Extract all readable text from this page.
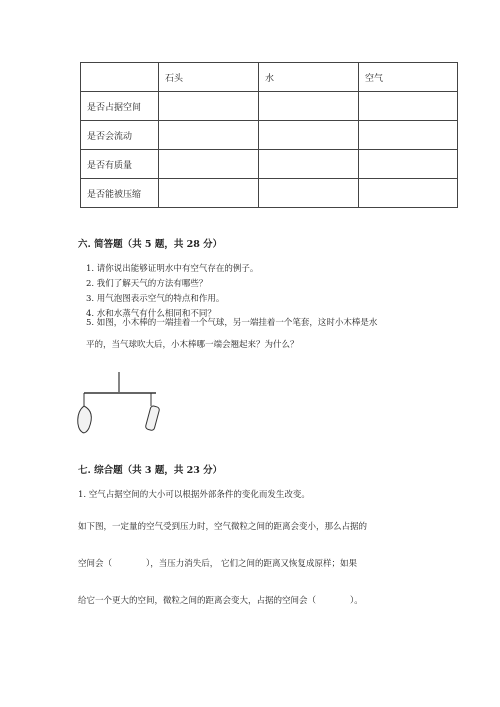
	石头	水	空气
是否占据空间			
是否会流动			
是否有质量			
是否能被压缩			
六. 简答题（共 5 题，共 28 分）
1. 请你说出能够证明水中有空气存在的例子。
2. 我们了解天气的方法有哪些？
3. 用气泡图表示空气的特点和作用。
4. 水和水蒸气有什么相同和不同？
5. 如图，小木棒的一端挂着一个气球，另一端挂着一个笔套，这时小木棒是水
平的，当气球吹大后，小木棒哪一端会翘起来？为什么？
七. 综合题（共 3 题，共 23 分）
1. 空气占据空间的大小可以根据外部条件的变化而发生改变。
如下图，一定量的空气受到压力时，空气微粒之间的距离会变小，那么占据的
空间会（　　　　），当压力消失后， 它们之间的距离又恢复成原样；如果
给它一个更大的空间，微粒之间的距离会变大，占据的空间会（　　　　）。
